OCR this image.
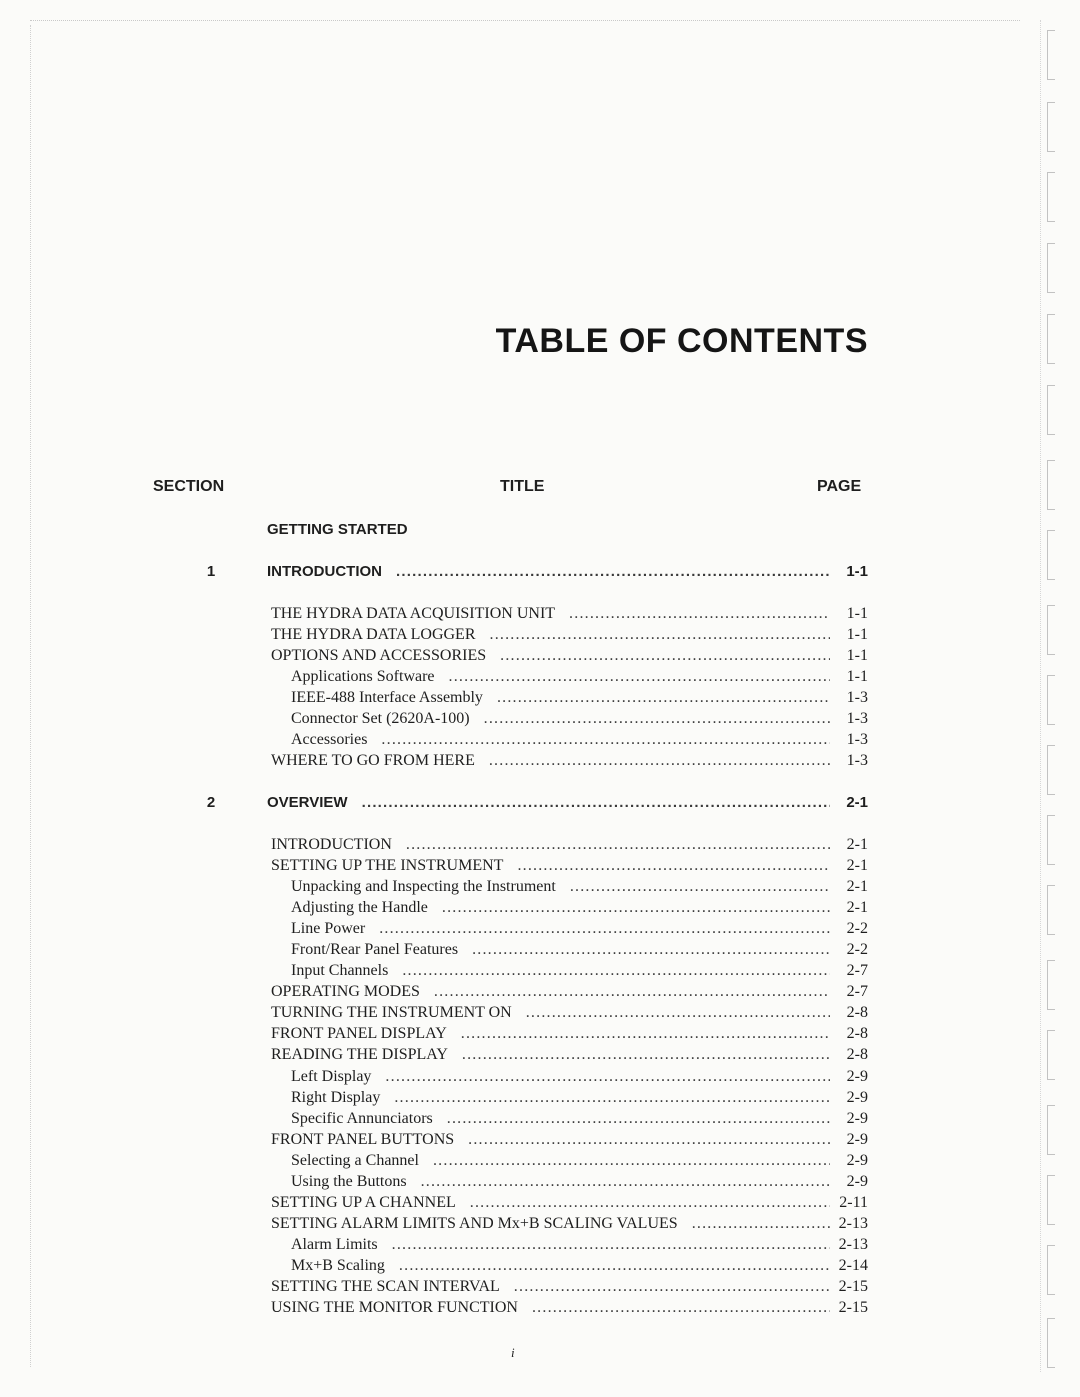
TABLE OF CONTENTS
SECTION	TITLE	PAGE
GETTING STARTED
1	INTRODUCTION .....	1-1
THE HYDRA DATA ACQUISITION UNIT .....	1-1
THE HYDRA DATA LOGGER .....	1-1
OPTIONS AND ACCESSORIES .....	1-1
Applications Software .....	1-1
IEEE-488 Interface Assembly .....	1-3
Connector Set (2620A-100) .....	1-3
Accessories .....	1-3
WHERE TO GO FROM HERE .....	1-3
2	OVERVIEW .....	2-1
INTRODUCTION .....	2-1
SETTING UP THE INSTRUMENT .....	2-1
Unpacking and Inspecting the Instrument .....	2-1
Adjusting the Handle .....	2-1
Line Power .....	2-2
Front/Rear Panel Features .....	2-2
Input Channels .....	2-7
OPERATING MODES .....	2-7
TURNING THE INSTRUMENT ON .....	2-8
FRONT PANEL DISPLAY .....	2-8
READING THE DISPLAY .....	2-8
Left Display .....	2-9
Right Display .....	2-9
Specific Annunciators .....	2-9
FRONT PANEL BUTTONS .....	2-9
Selecting a Channel .....	2-9
Using the Buttons .....	2-9
SETTING UP A CHANNEL .....	2-11
SETTING ALARM LIMITS AND Mx+B SCALING VALUES .....	2-13
Alarm Limits .....	2-13
Mx+B Scaling .....	2-14
SETTING THE SCAN INTERVAL .....	2-15
USING THE MONITOR FUNCTION .....	2-15
i
